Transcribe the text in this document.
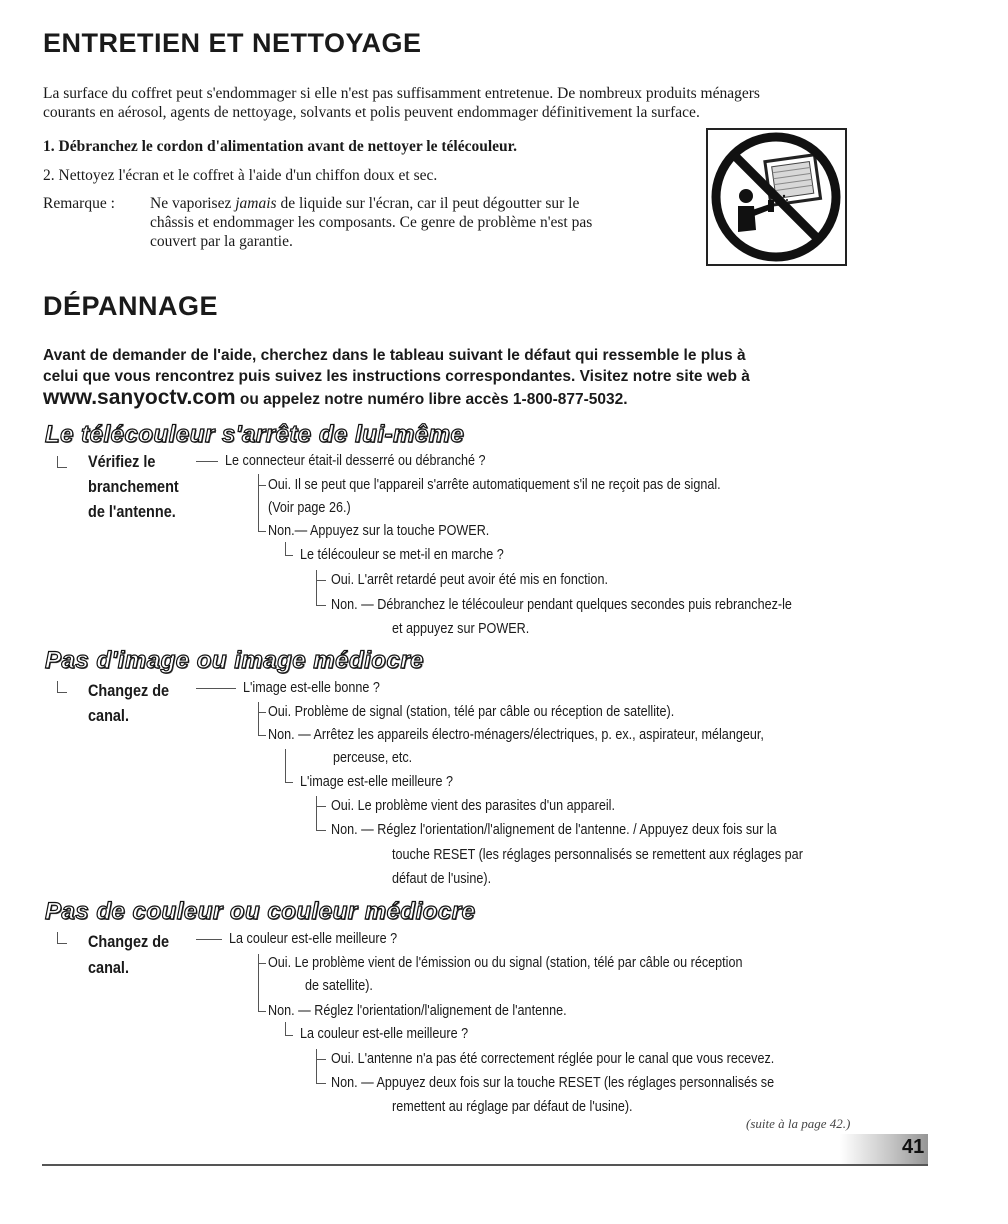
ENTRETIEN ET NETTOYAGE
La surface du coffret peut s'endommager si elle n'est pas suffisamment entretenue. De nombreux produits ménagers
courants en aérosol, agents de nettoyage, solvants et polis peuvent endommager définitivement la surface.
1. Débranchez le cordon d'alimentation avant de nettoyer le télécouleur.
2. Nettoyez l'écran et le coffret à l'aide d'un chiffon doux et sec.
Remarque : Ne vaporisez jamais de liquide sur l'écran, car il peut dégoutter sur le
châssis et endommager les composants. Ce genre de problème n'est pas
couvert par la garantie.
DÉPANNAGE
Avant de demander de l'aide, cherchez dans le tableau suivant le défaut qui ressemble le plus à
celui que vous rencontrez puis suivez les instructions correspondantes. Visitez notre site web à
www.sanyoctv.com ou appelez notre numéro libre accès 1-800-877-5032.
Le télécouleur s'arrête de lui-même
Vérifiez le
branchement
de l'antenne.
Le connecteur était-il desserré ou débranché ?
Oui. Il se peut que l'appareil s'arrête automatiquement s'il ne reçoit pas de signal.
(Voir page 26.)
Non.— Appuyez sur la touche POWER.
Le télécouleur se met-il en marche ?
Oui. L'arrêt retardé peut avoir été mis en fonction.
Non. — Débranchez le télécouleur pendant quelques secondes puis rebranchez-le
et appuyez sur POWER.
Pas d'image ou image médiocre
Changez de
canal.
L'image est-elle bonne ?
Oui. Problème de signal (station, télé par câble ou réception de satellite).
Non. — Arrêtez les appareils électro-ménagers/électriques, p. ex., aspirateur, mélangeur,
perceuse, etc.
L'image est-elle meilleure ?
Oui. Le problème vient des parasites d'un appareil.
Non. — Réglez l'orientation/l'alignement de l'antenne. / Appuyez deux fois sur la
touche RESET (les réglages personnalisés se remettent aux réglages par
défaut de l'usine).
Pas de couleur ou couleur médiocre
Changez de
canal.
La couleur est-elle meilleure ?
Oui. Le problème vient de l'émission ou du signal (station, télé par câble ou réception
de satellite).
Non. — Réglez l'orientation/l'alignement de l'antenne.
La couleur est-elle meilleure ?
Oui. L'antenne n'a pas été correctement réglée pour le canal que vous recevez.
Non. — Appuyez deux fois sur la touche RESET (les réglages personnalisés se
remettent au réglage par défaut de l'usine).
(suite à la page 42.)
41
